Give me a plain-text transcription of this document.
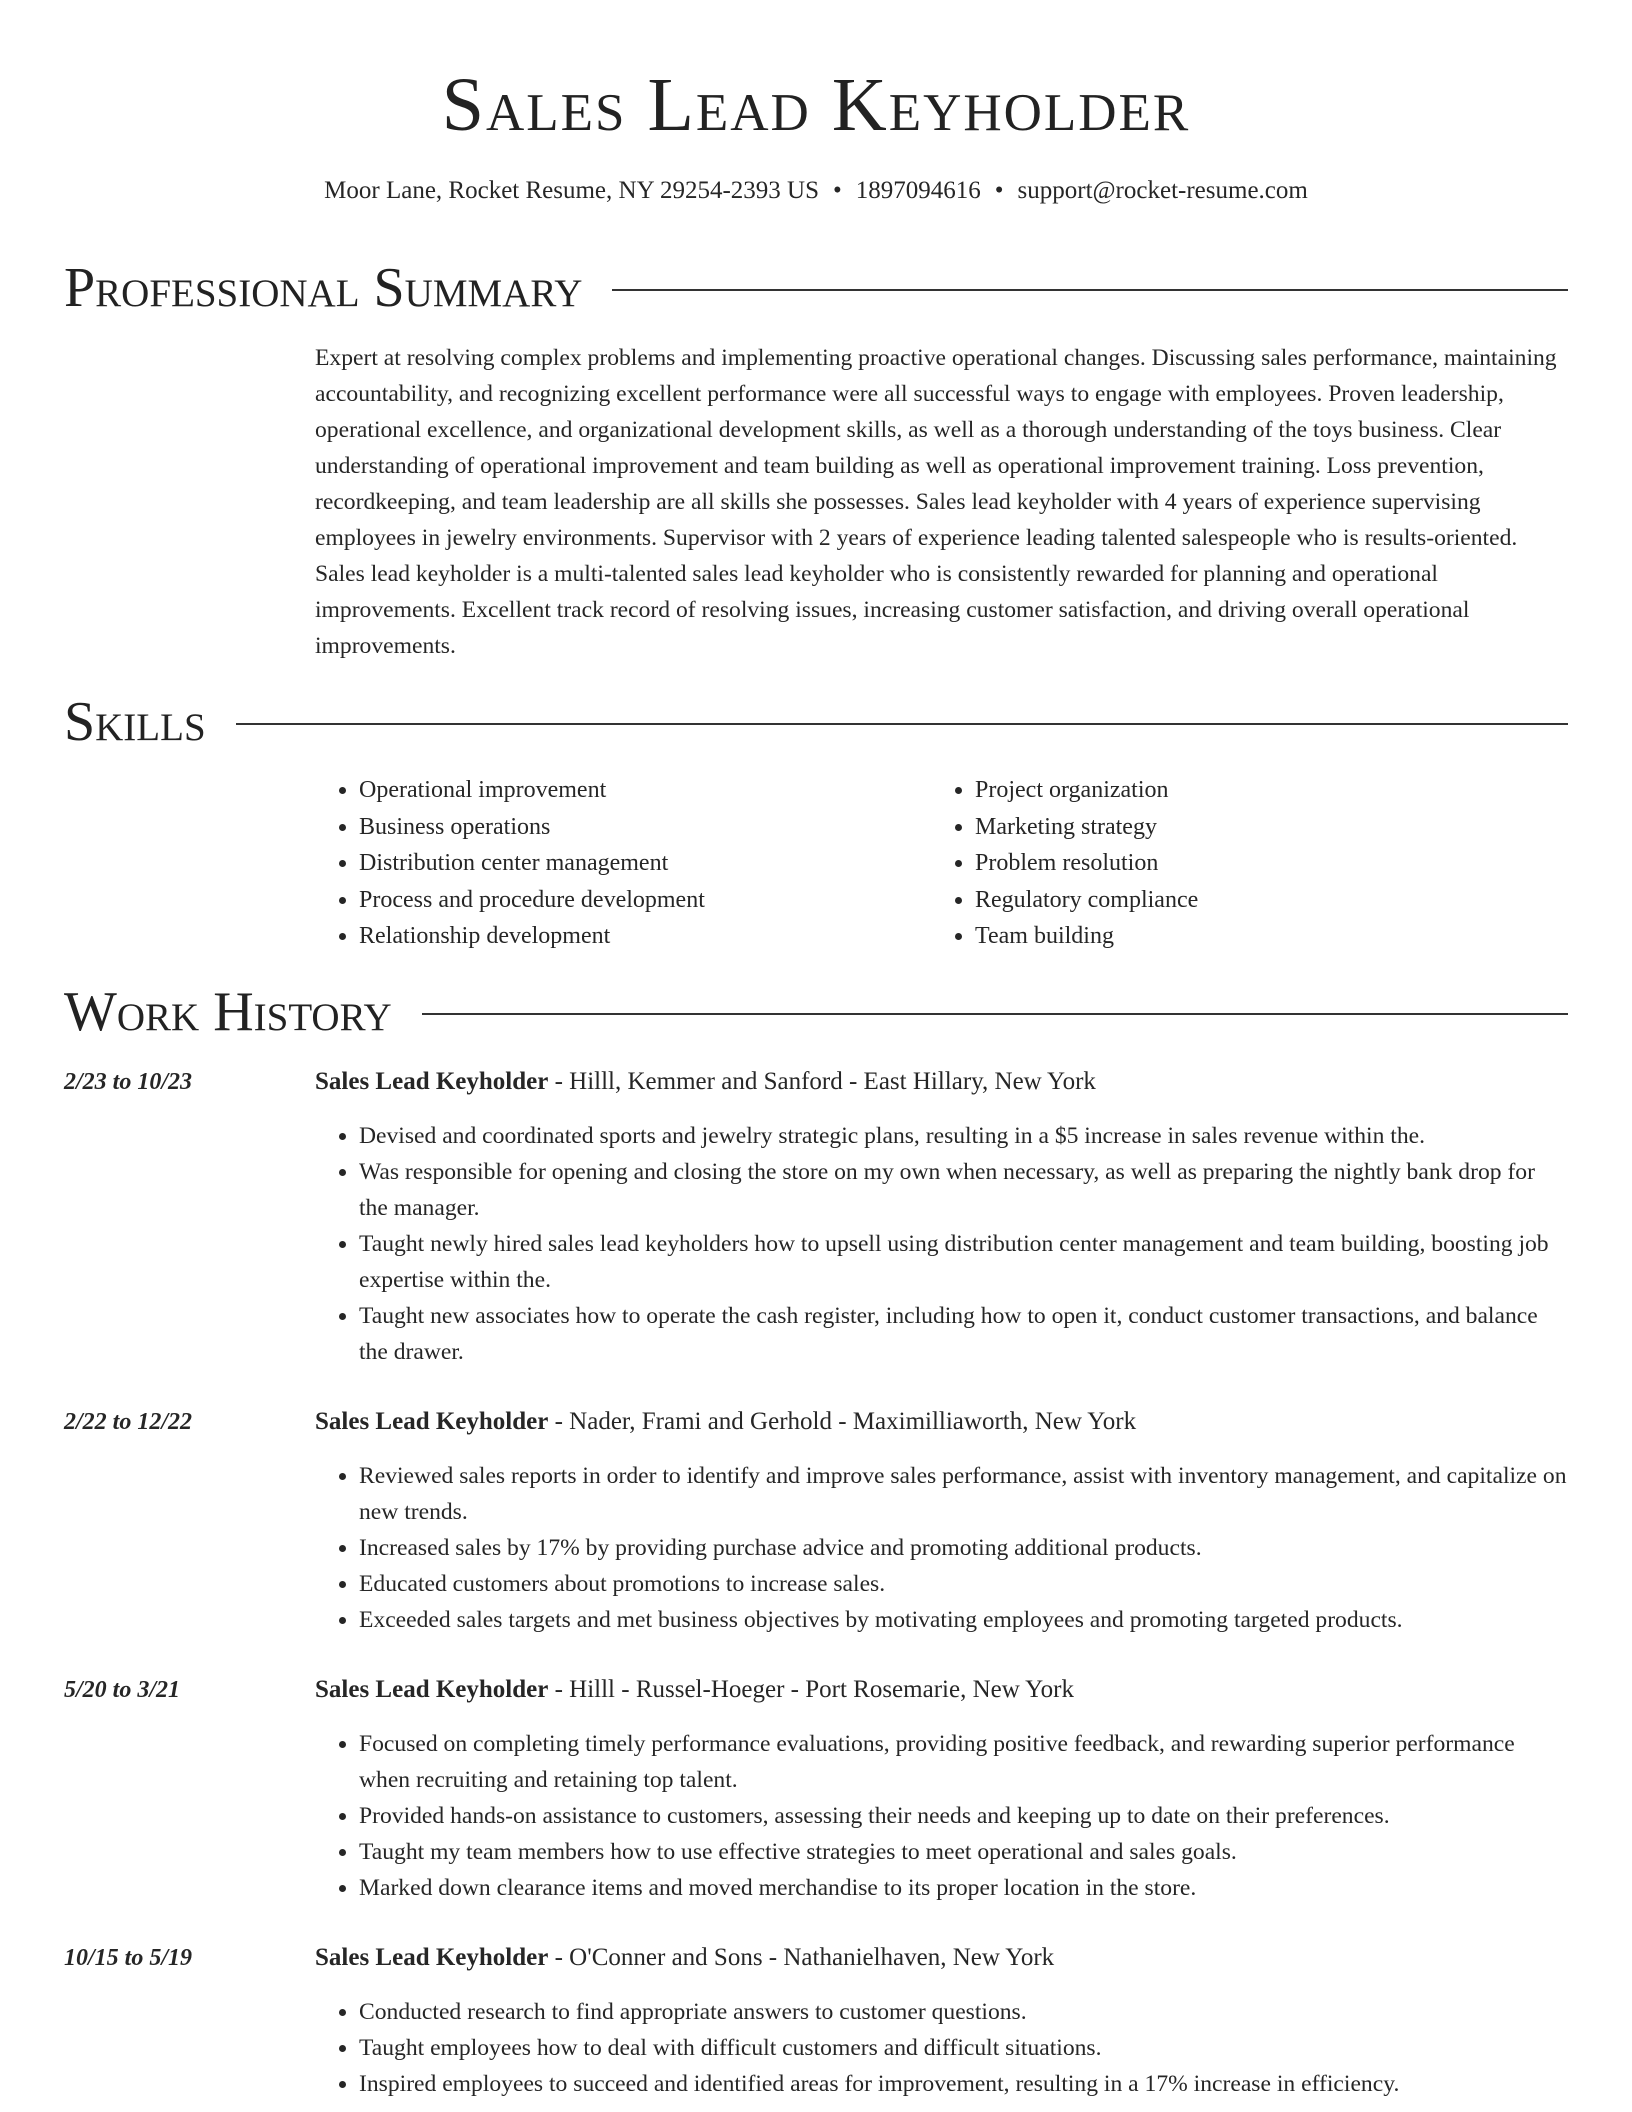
Sales Lead Keyholder
Moor Lane, Rocket Resume, NY 29254-2393 US • 1897094616 • support@rocket-resume.com
Professional Summary
Expert at resolving complex problems and implementing proactive operational changes. Discussing sales performance, maintaining accountability, and recognizing excellent performance were all successful ways to engage with employees. Proven leadership, operational excellence, and organizational development skills, as well as a thorough understanding of the toys business. Clear understanding of operational improvement and team building as well as operational improvement training. Loss prevention, recordkeeping, and team leadership are all skills she possesses. Sales lead keyholder with 4 years of experience supervising employees in jewelry environments. Supervisor with 2 years of experience leading talented salespeople who is results-oriented. Sales lead keyholder is a multi-talented sales lead keyholder who is consistently rewarded for planning and operational improvements. Excellent track record of resolving issues, increasing customer satisfaction, and driving overall operational improvements.
Skills
• Operational improvement
• Business operations
• Distribution center management
• Process and procedure development
• Relationship development
• Project organization
• Marketing strategy
• Problem resolution
• Regulatory compliance
• Team building
Work History
2/23 to 10/23	Sales Lead Keyholder - Hilll, Kemmer and Sanford - East Hillary, New York
• Devised and coordinated sports and jewelry strategic plans, resulting in a $5 increase in sales revenue within the.
• Was responsible for opening and closing the store on my own when necessary, as well as preparing the nightly bank drop for the manager.
• Taught newly hired sales lead keyholders how to upsell using distribution center management and team building, boosting job expertise within the.
• Taught new associates how to operate the cash register, including how to open it, conduct customer transactions, and balance the drawer.
2/22 to 12/22	Sales Lead Keyholder - Nader, Frami and Gerhold - Maximilliaworth, New York
• Reviewed sales reports in order to identify and improve sales performance, assist with inventory management, and capitalize on new trends.
• Increased sales by 17% by providing purchase advice and promoting additional products.
• Educated customers about promotions to increase sales.
• Exceeded sales targets and met business objectives by motivating employees and promoting targeted products.
5/20 to 3/21	Sales Lead Keyholder - Hilll - Russel-Hoeger - Port Rosemarie, New York
• Focused on completing timely performance evaluations, providing positive feedback, and rewarding superior performance when recruiting and retaining top talent.
• Provided hands-on assistance to customers, assessing their needs and keeping up to date on their preferences.
• Taught my team members how to use effective strategies to meet operational and sales goals.
• Marked down clearance items and moved merchandise to its proper location in the store.
10/15 to 5/19	Sales Lead Keyholder - O'Conner and Sons - Nathanielhaven, New York
• Conducted research to find appropriate answers to customer questions.
• Taught employees how to deal with difficult customers and difficult situations.
• Inspired employees to succeed and identified areas for improvement, resulting in a 17% increase in efficiency.
